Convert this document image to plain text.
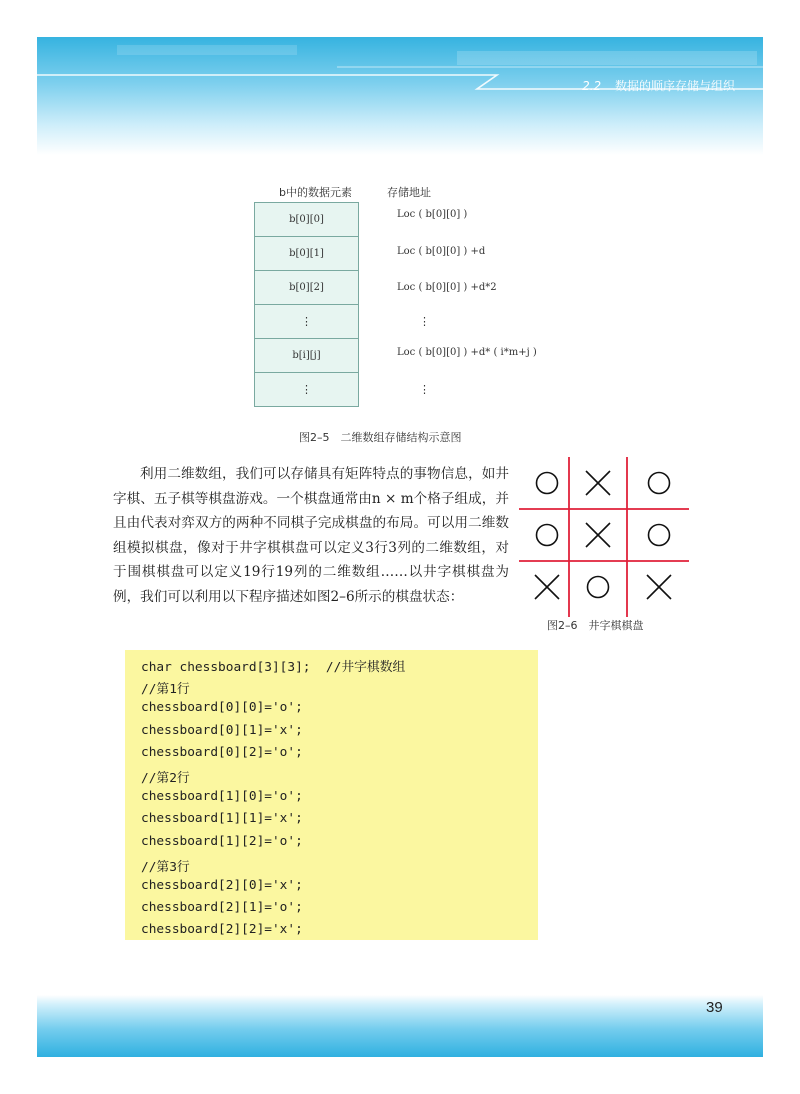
2.2 数据的顺序存储与组织
b中的数据元素	存储地址
b[0][0]
b[0][1]
b[0][2]
⋮
b[i][j]
⋮
Loc ( b[0][0] )
Loc ( b[0][0] ) +d
Loc ( b[0][0] ) +d*2
⋮
Loc ( b[0][0] ) +d* ( i*m+j )
⋮
图2–5　二维数组存储结构示意图
利用二维数组，我们可以存储具有矩阵特点的事物信息，如井字棋、五子棋等棋盘游戏。一个棋盘通常由n × m个格子组成，并且由代表对弈双方的两种不同棋子完成棋盘的布局。可以用二维数组模拟棋盘，像对于井字棋棋盘可以定义3行3列的二维数组，对于围棋棋盘可以定义19行19列的二维数组……以井字棋棋盘为例，我们可以利用以下程序描述如图2–6所示的棋盘状态：
图2–6　井字棋棋盘
char chessboard[3][3];  //井字棋数组
//第1行
chessboard[0][0]='o';
chessboard[0][1]='x';
chessboard[0][2]='o';
//第2行
chessboard[1][0]='o';
chessboard[1][1]='x';
chessboard[1][2]='o';
//第3行
chessboard[2][0]='x';
chessboard[2][1]='o';
chessboard[2][2]='x';
39
